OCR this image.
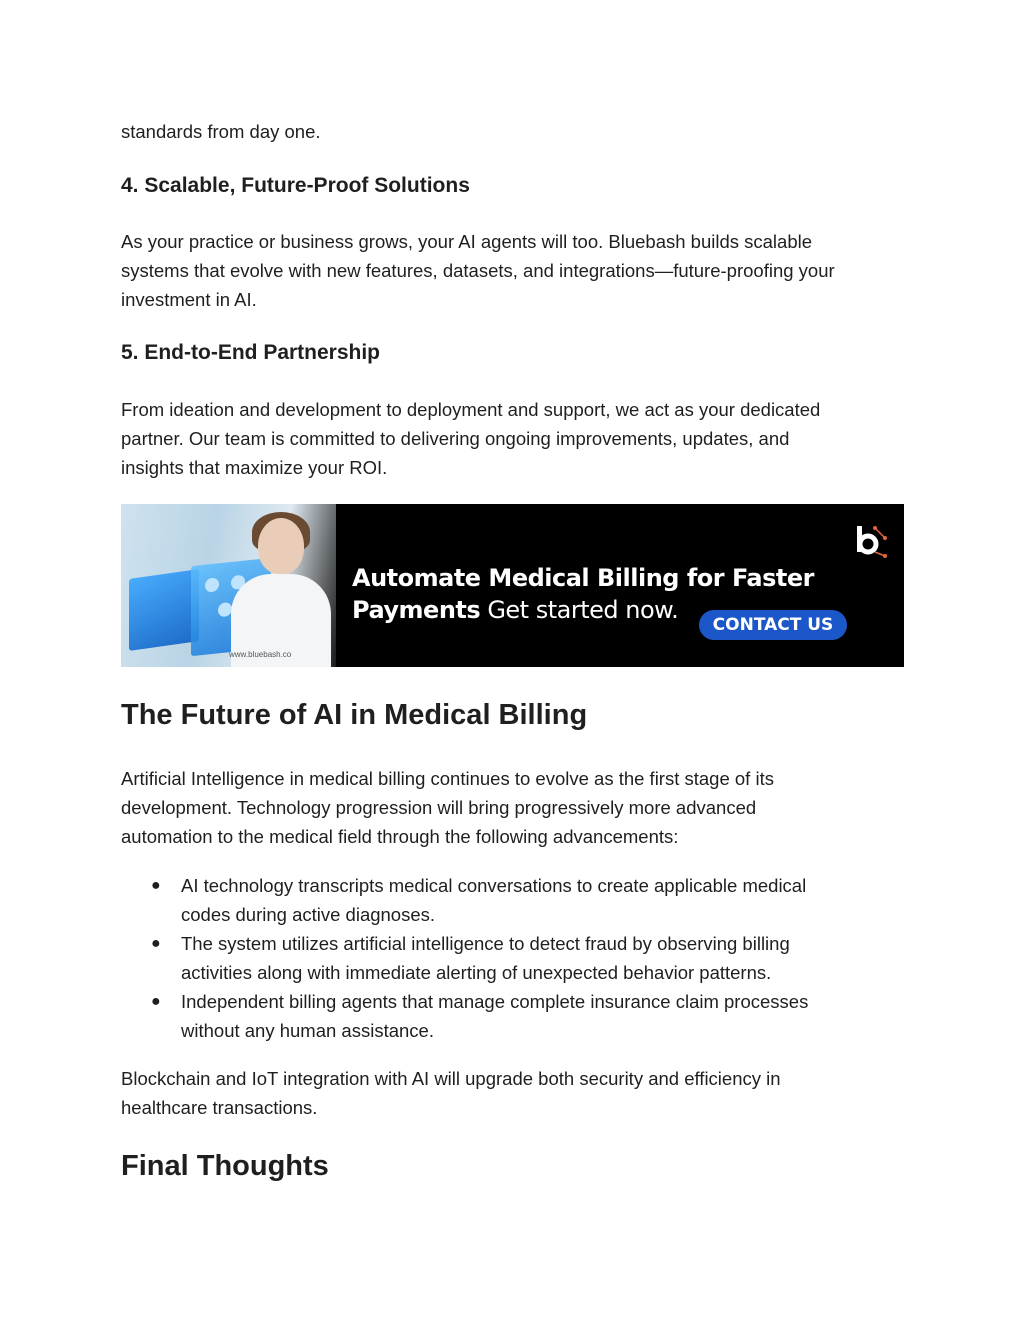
standards from day one.

4. Scalable, Future-Proof Solutions

As your practice or business grows, your AI agents will too. Bluebash builds scalable
systems that evolve with new features, datasets, and integrations—future-proofing your
investment in AI.

5. End-to-End Partnership

From ideation and development to deployment and support, we act as your dedicated
partner. Our team is committed to delivering ongoing improvements, updates, and
insights that maximize your ROI.

www.bluebash.co
Automate Medical Billing for Faster
Payments Get started now.
CONTACT US
The Future of AI in Medical Billing

Artificial Intelligence in medical billing continues to evolve as the first stage of its
development. Technology progression will bring progressively more advanced
automation to the medical field through the following advancements:

● AI technology transcripts medical conversations to create applicable medical
codes during active diagnoses.
● The system utilizes artificial intelligence to detect fraud by observing billing
activities along with immediate alerting of unexpected behavior patterns.
● Independent billing agents that manage complete insurance claim processes
without any human assistance.

Blockchain and IoT integration with AI will upgrade both security and efficiency in
healthcare transactions.

Final Thoughts
